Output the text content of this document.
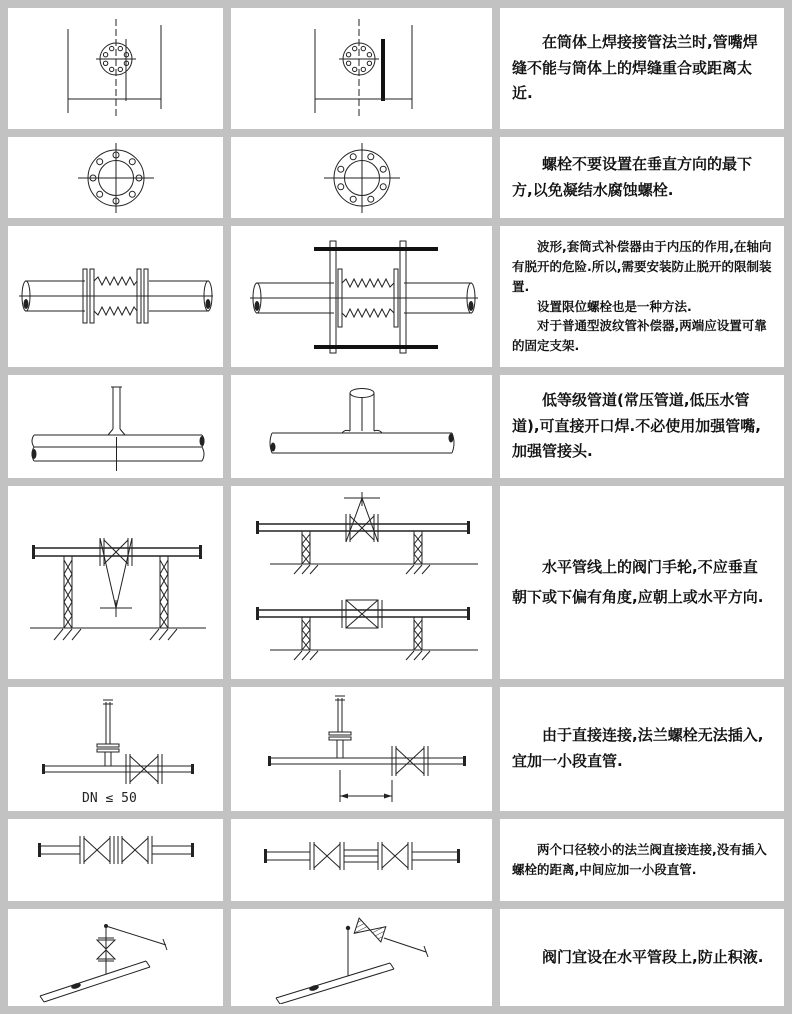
在筒体上焊接接管法兰时,管嘴焊缝不能与筒体上的焊缝重合或距离太近.

螺栓不要设置在垂直方向的最下方,以免凝结水腐蚀螺栓.

波形,套筒式补偿器由于内压的作用,在轴向有脱开的危险.所以,需要安装防止脱开的限制装置.

设置限位螺栓也是一种方法.

对于普通型波纹管补偿器,两端应设置可靠的固定支架.

低等级管道(常压管道,低压水管道),可直接开口焊.不必使用加强管嘴,加强管接头.

水平管线上的阀门手轮,不应垂直朝下或下偏有角度,应朝上或水平方向.

DN ≤ 50

由于直接连接,法兰螺栓无法插入,宜加一小段直管.

两个口径较小的法兰阀直接连接,没有插入螺栓的距离,中间应加一小段直管.

阀门宜设在水平管段上,防止积液.
